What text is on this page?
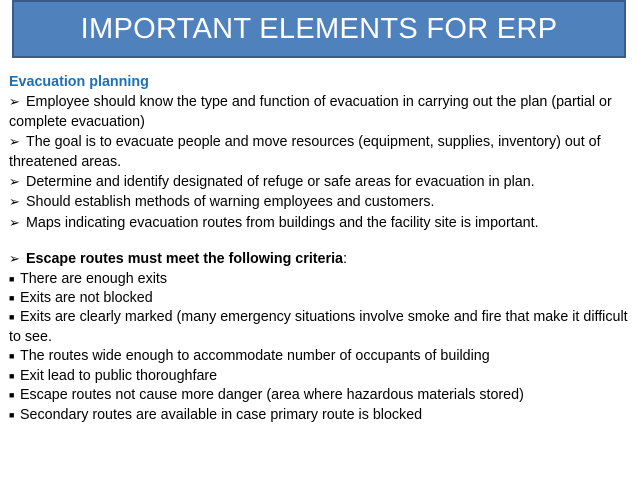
IMPORTANT ELEMENTS FOR ERP
Evacuation planning
➢ Employee should know the type and function of evacuation in carrying out the plan (partial or complete evacuation)
➢ The goal is to evacuate people and move resources (equipment, supplies, inventory) out of threatened areas.
➢ Determine and identify designated of refuge or safe areas for evacuation in plan.
➢ Should establish methods of warning employees and customers.
➢ Maps indicating evacuation routes from buildings and the facility site is important.
➢ Escape routes must meet the following criteria:
■ There are enough exits
■ Exits are not blocked
■ Exits are clearly marked (many emergency situations involve smoke and fire that make it difficult to see.
■ The routes wide enough to accommodate number of occupants of building
■ Exit lead to public thoroughfare
■ Escape routes not cause more danger (area where hazardous materials stored)
■ Secondary routes are available in case primary route is blocked
